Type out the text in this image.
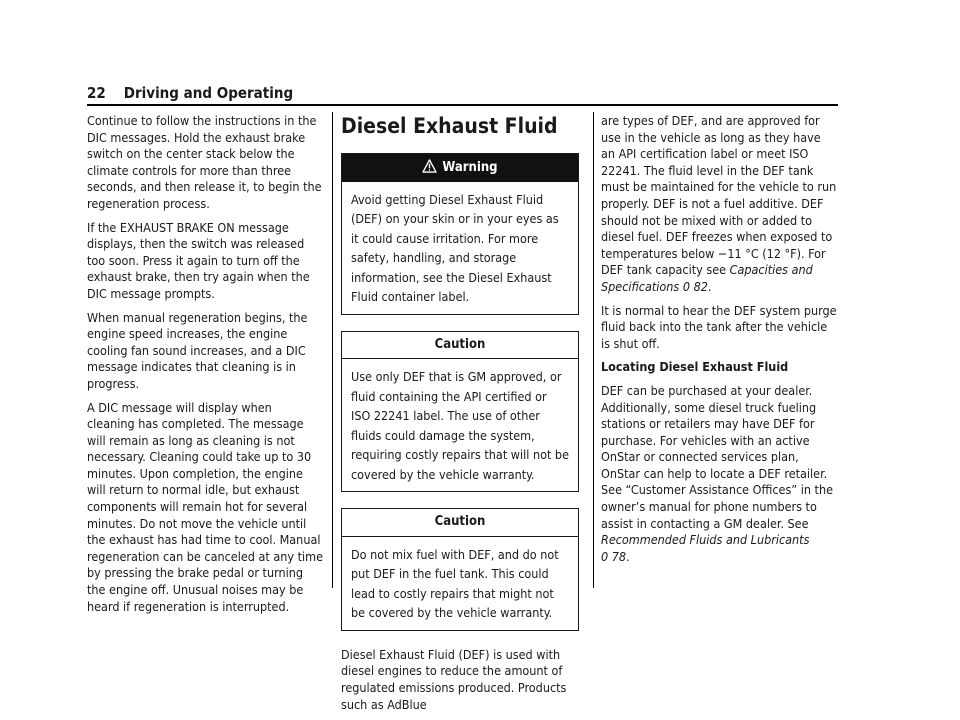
22 Driving and Operating

Continue to follow the instructions in the DIC messages. Hold the exhaust brake switch on the center stack below the climate controls for more than three seconds, and then release it, to begin the regeneration process.

If the EXHAUST BRAKE ON message displays, then the switch was released too soon. Press it again to turn off the exhaust brake, then try again when the DIC message prompts.

When manual regeneration begins, the engine speed increases, the engine cooling fan sound increases, and a DIC message indicates that cleaning is in progress.

A DIC message will display when cleaning has completed. The message will remain as long as cleaning is not necessary. Cleaning could take up to 30 minutes. Upon completion, the engine will return to normal idle, but exhaust components will remain hot for several minutes. Do not move the vehicle until the exhaust has had time to cool. Manual regeneration can be canceled at any time by pressing the brake pedal or turning the engine off. Unusual noises may be heard if regeneration is interrupted.

Diesel Exhaust Fluid
Warning
Avoid getting Diesel Exhaust Fluid (DEF) on your skin or in your eyes as it could cause irritation. For more safety, handling, and storage information, see the Diesel Exhaust Fluid container label.
Caution
Use only DEF that is GM approved, or fluid containing the API certified or ISO 22241 label. The use of other fluids could damage the system, requiring costly repairs that will not be covered by the vehicle warranty.
Caution
Do not mix fuel with DEF, and do not put DEF in the fuel tank. This could lead to costly repairs that might not be covered by the vehicle warranty.

Diesel Exhaust Fluid (DEF) is used with diesel engines to reduce the amount of regulated emissions produced. Products such as AdBlue

are types of DEF, and are approved for use in the vehicle as long as they have an API certification label or meet ISO 22241. The fluid level in the DEF tank must be maintained for the vehicle to run properly. DEF is not a fuel additive. DEF should not be mixed with or added to diesel fuel. DEF freezes when exposed to temperatures below −11 °C (12 °F). For DEF tank capacity see Capacities and Specifications 0 82.

It is normal to hear the DEF system purge fluid back into the tank after the vehicle is shut off.

Locating Diesel Exhaust Fluid

DEF can be purchased at your dealer. Additionally, some diesel truck fueling stations or retailers may have DEF for purchase. For vehicles with an active OnStar or connected services plan, OnStar can help to locate a DEF retailer. See “Customer Assistance Offices” in the owner’s manual for phone numbers to assist in contacting a GM dealer. See Recommended Fluids and Lubricants 0 78.
